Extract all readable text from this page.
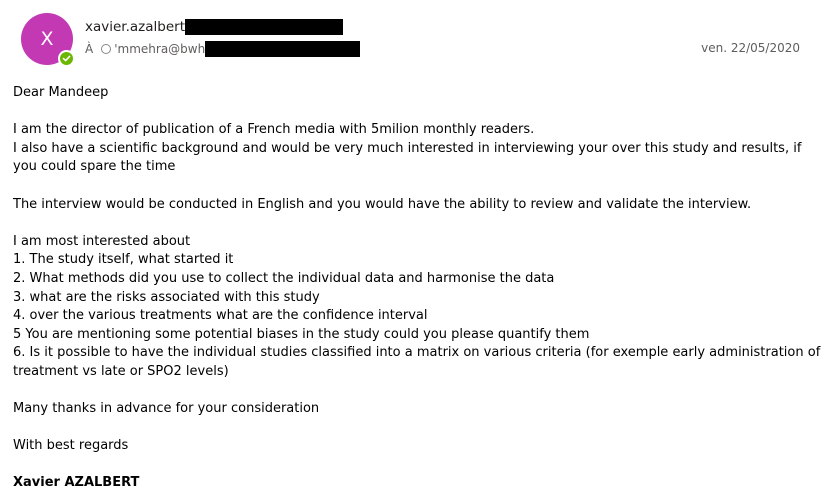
X
xavier.azalbert
À 'mmehra@bwh	ven. 22/05/2020

Dear Mandeep

I am the director of publication of a French media with 5milion monthly readers.

I also have a scientific background and would be very much interested in interviewing your over this study and results, if you could spare the time

The interview would be conducted in English and you would have the ability to review and validate the interview.

I am most interested about

1. The study itself, what started it

2. What methods did you use to collect the individual data and harmonise the data

3. what are the risks associated with this study

4. over the various treatments what are the confidence interval

5 You are mentioning some potential biases in the study could you please quantify them

6. Is it possible to have the individual studies classified into a matrix on various criteria (for exemple early administration of treatment vs late or SPO2 levels)

Many thanks in advance for your consideration

With best regards

Xavier AZALBERT
